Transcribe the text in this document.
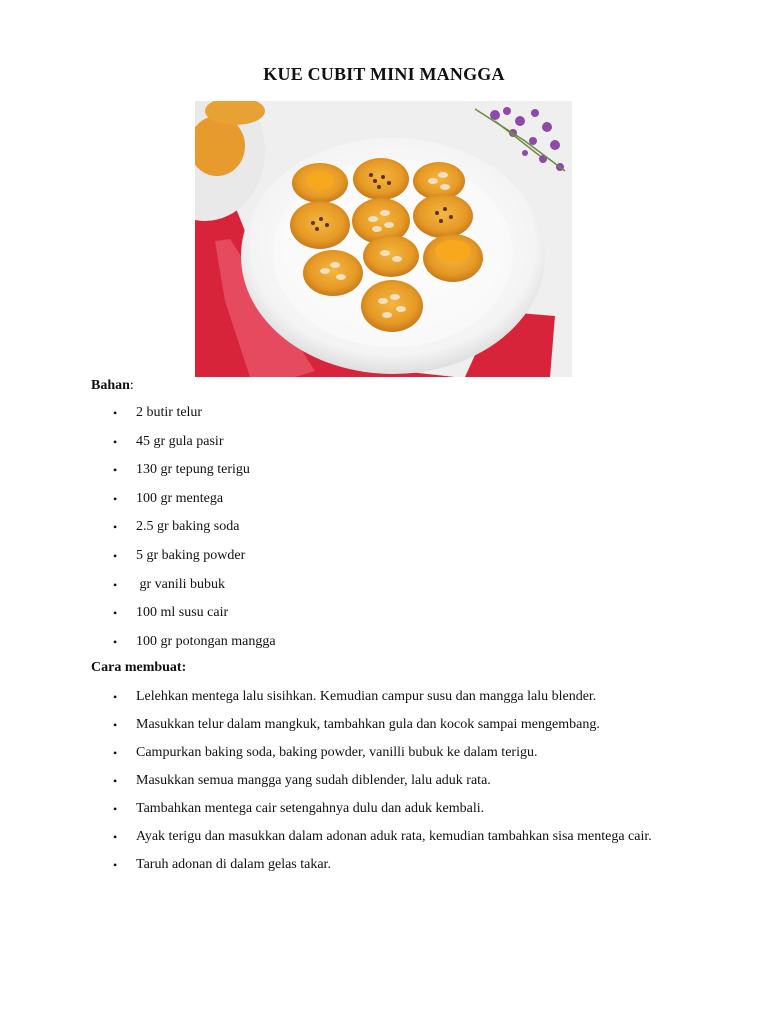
KUE CUBIT MINI MANGGA
Bahan:
• 2 butir telur
• 45 gr gula pasir
• 130 gr tepung terigu
• 100 gr mentega
• 2.5 gr baking soda
• 5 gr baking powder
• gr vanili bubuk
• 100 ml susu cair
• 100 gr potongan mangga
Cara membuat:
• Lelehkan mentega lalu sisihkan. Kemudian campur susu dan mangga lalu blender.
• Masukkan telur dalam mangkuk, tambahkan gula dan kocok sampai mengembang.
• Campurkan baking soda, baking powder, vanilli bubuk ke dalam terigu.
• Masukkan semua mangga yang sudah diblender, lalu aduk rata.
• Tambahkan mentega cair setengahnya dulu dan aduk kembali.
• Ayak terigu dan masukkan dalam adonan aduk rata, kemudian tambahkan sisa mentega cair.
• Taruh adonan di dalam gelas takar.
